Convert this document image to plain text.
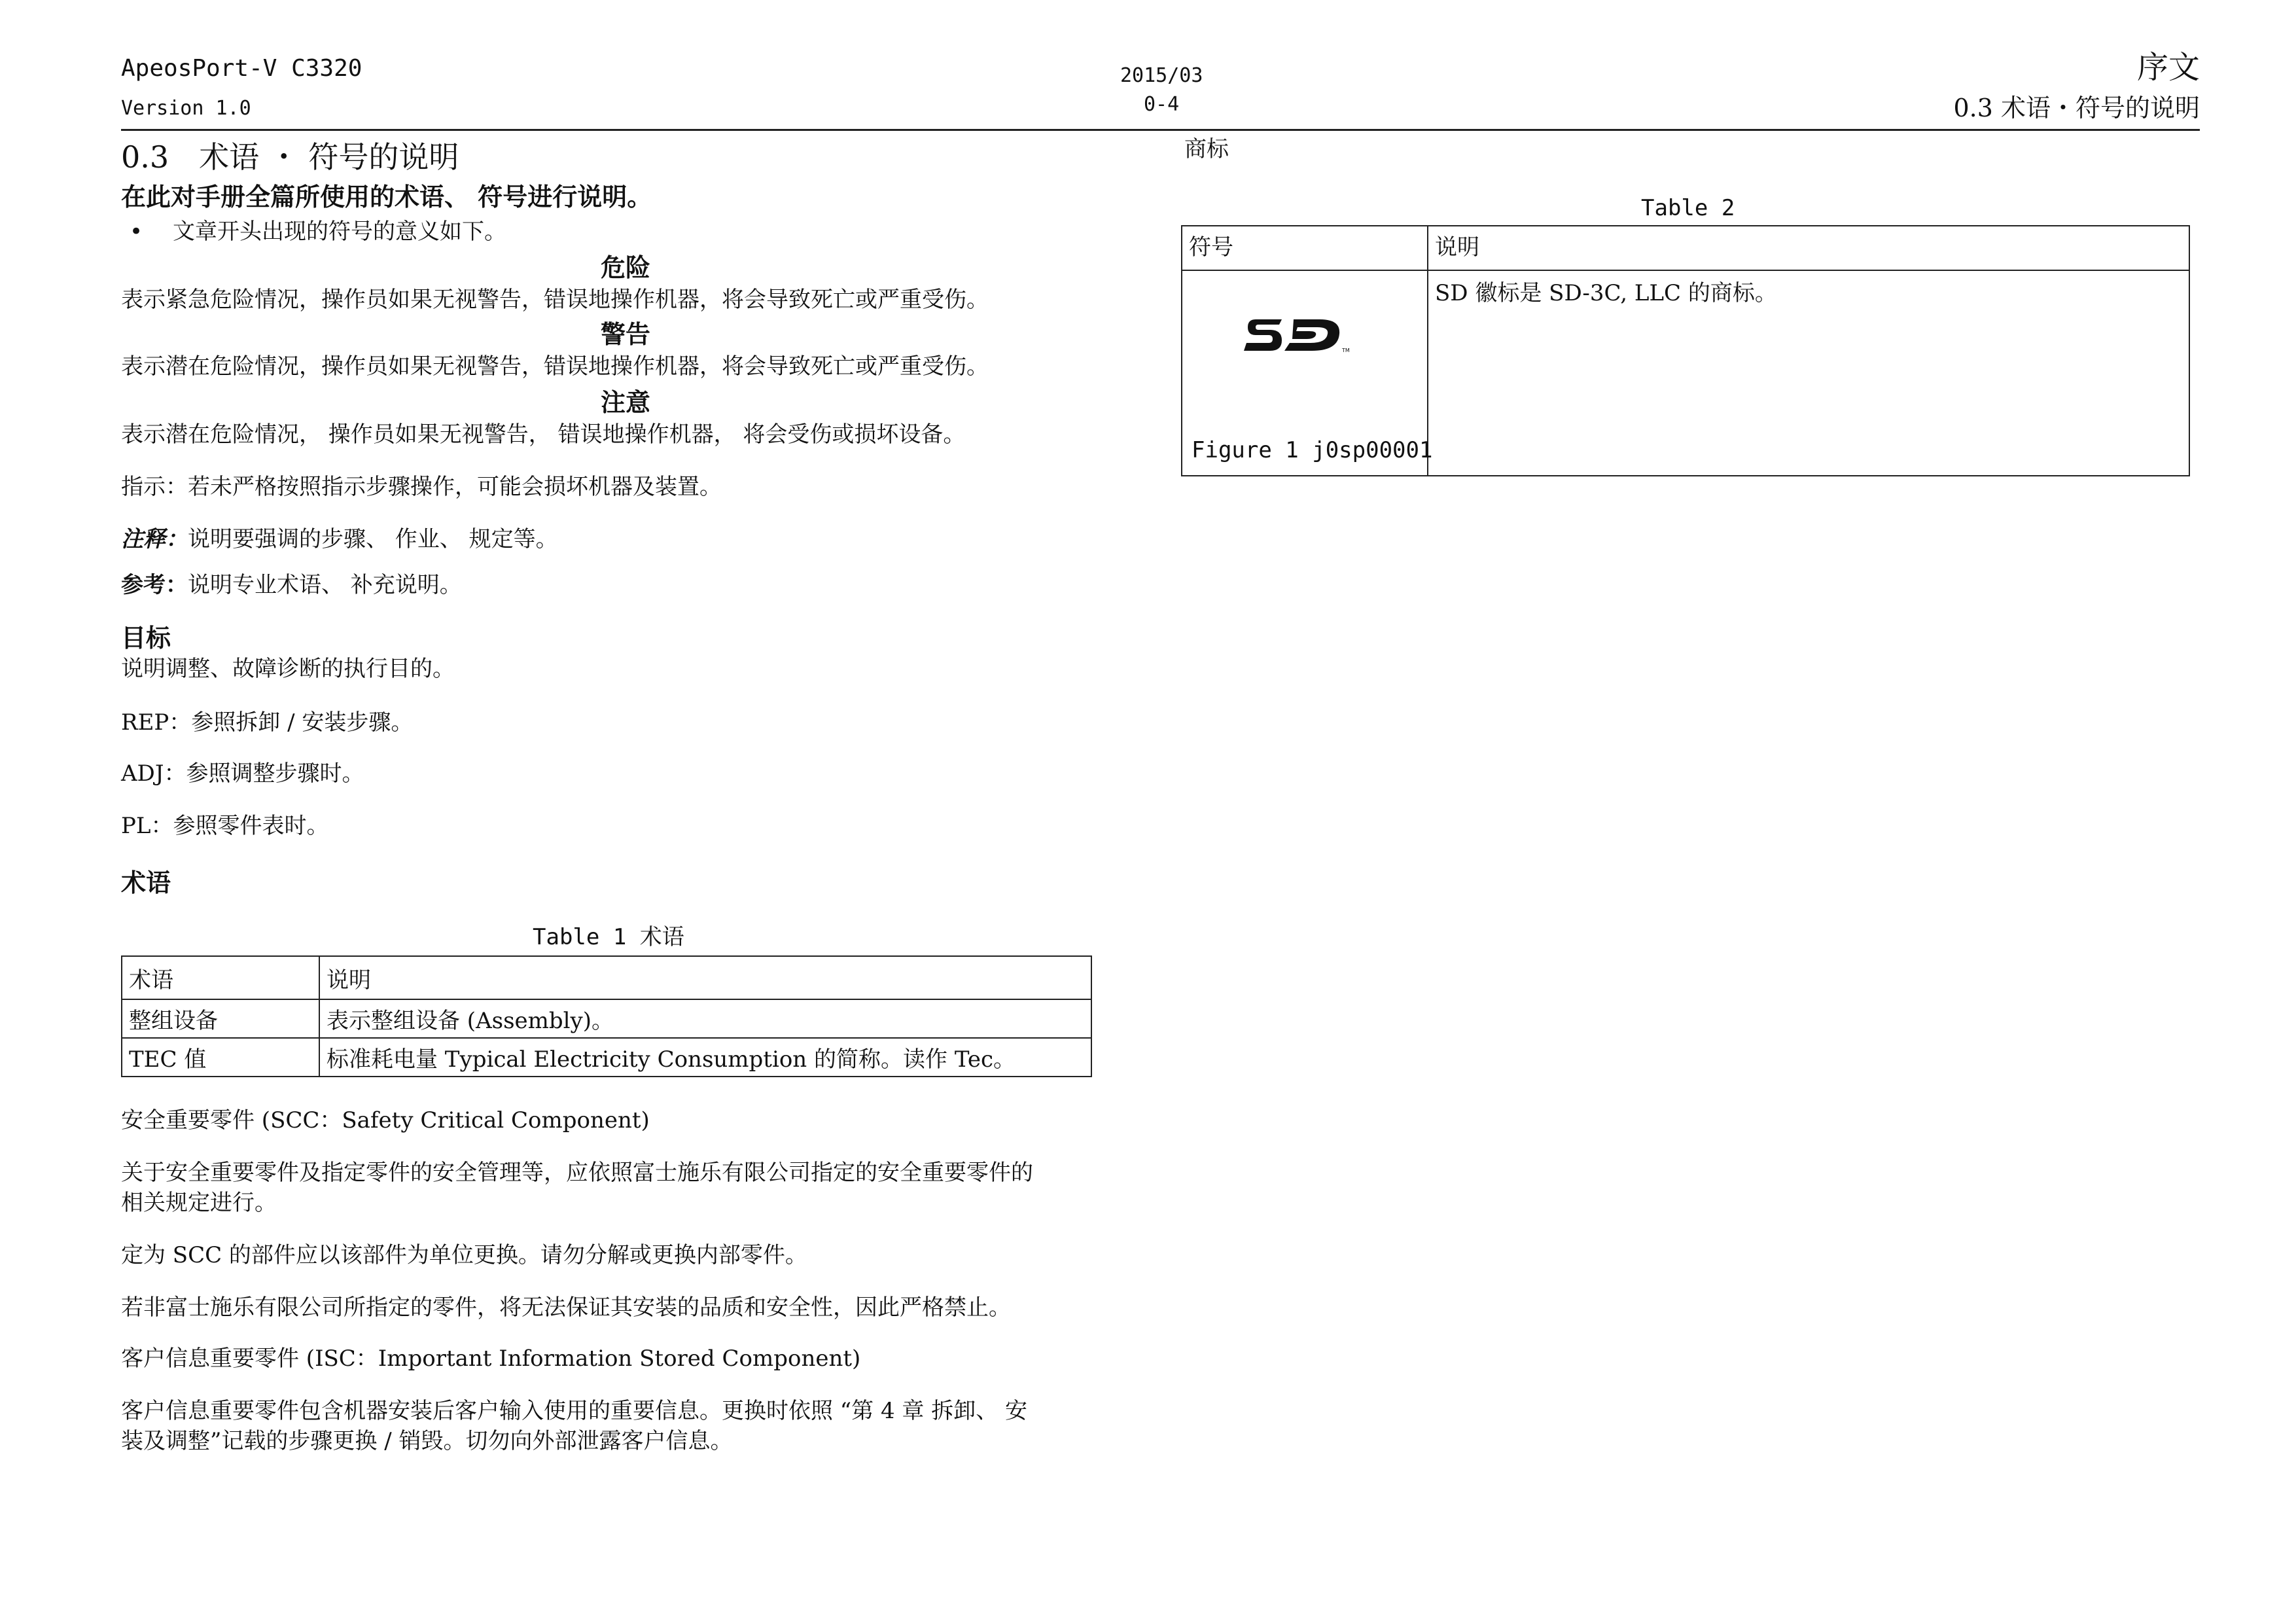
ApeosPort-V C3320
Version 1.0
2015/03
0-4
序文
0.3 术语・符号的说明
0.3　术语 ・ 符号的说明
在此对手册全篇所使用的术语、 符号进行说明。
• 文章开头出现的符号的意义如下。
危险
表示紧急危险情况，操作员如果无视警告，错误地操作机器，将会导致死亡或严重受伤。
警告
表示潜在危险情况，操作员如果无视警告，错误地操作机器，将会导致死亡或严重受伤。
注意
表示潜在危险情况， 操作员如果无视警告， 错误地操作机器， 将会受伤或损坏设备。
指示：若未严格按照指示步骤操作，可能会损坏机器及装置。
注释：说明要强调的步骤、 作业、 规定等。
参考：说明专业术语、 补充说明。
目标
说明调整、故障诊断的执行目的。
REP：参照拆卸 / 安装步骤。
ADJ：参照调整步骤时。
PL：参照零件表时。
术语
Table 1 术语
术语	说明
整组设备	表示整组设备 (Assembly)。
TEC 值	标准耗电量 Typical Electricity Consumption 的简称。读作 Tec。
安全重要零件 (SCC：Safety Critical Component)
关于安全重要零件及指定零件的安全管理等，应依照富士施乐有限公司指定的安全重要零件的
相关规定进行。
定为 SCC 的部件应以该部件为单位更换。请勿分解或更换内部零件。
若非富士施乐有限公司所指定的零件，将无法保证其安装的品质和安全性，因此严格禁止。
客户信息重要零件 (ISC：Important Information Stored Component)
客户信息重要零件包含机器安装后客户输入使用的重要信息。更换时依照 “第 4 章 拆卸、 安
装及调整”记载的步骤更换 / 销毁。切勿向外部泄露客户信息。
商标
Table 2
符号	说明

TM
Figure 1 j0sp00001	SD 徽标是 SD-3C, LLC 的商标。
